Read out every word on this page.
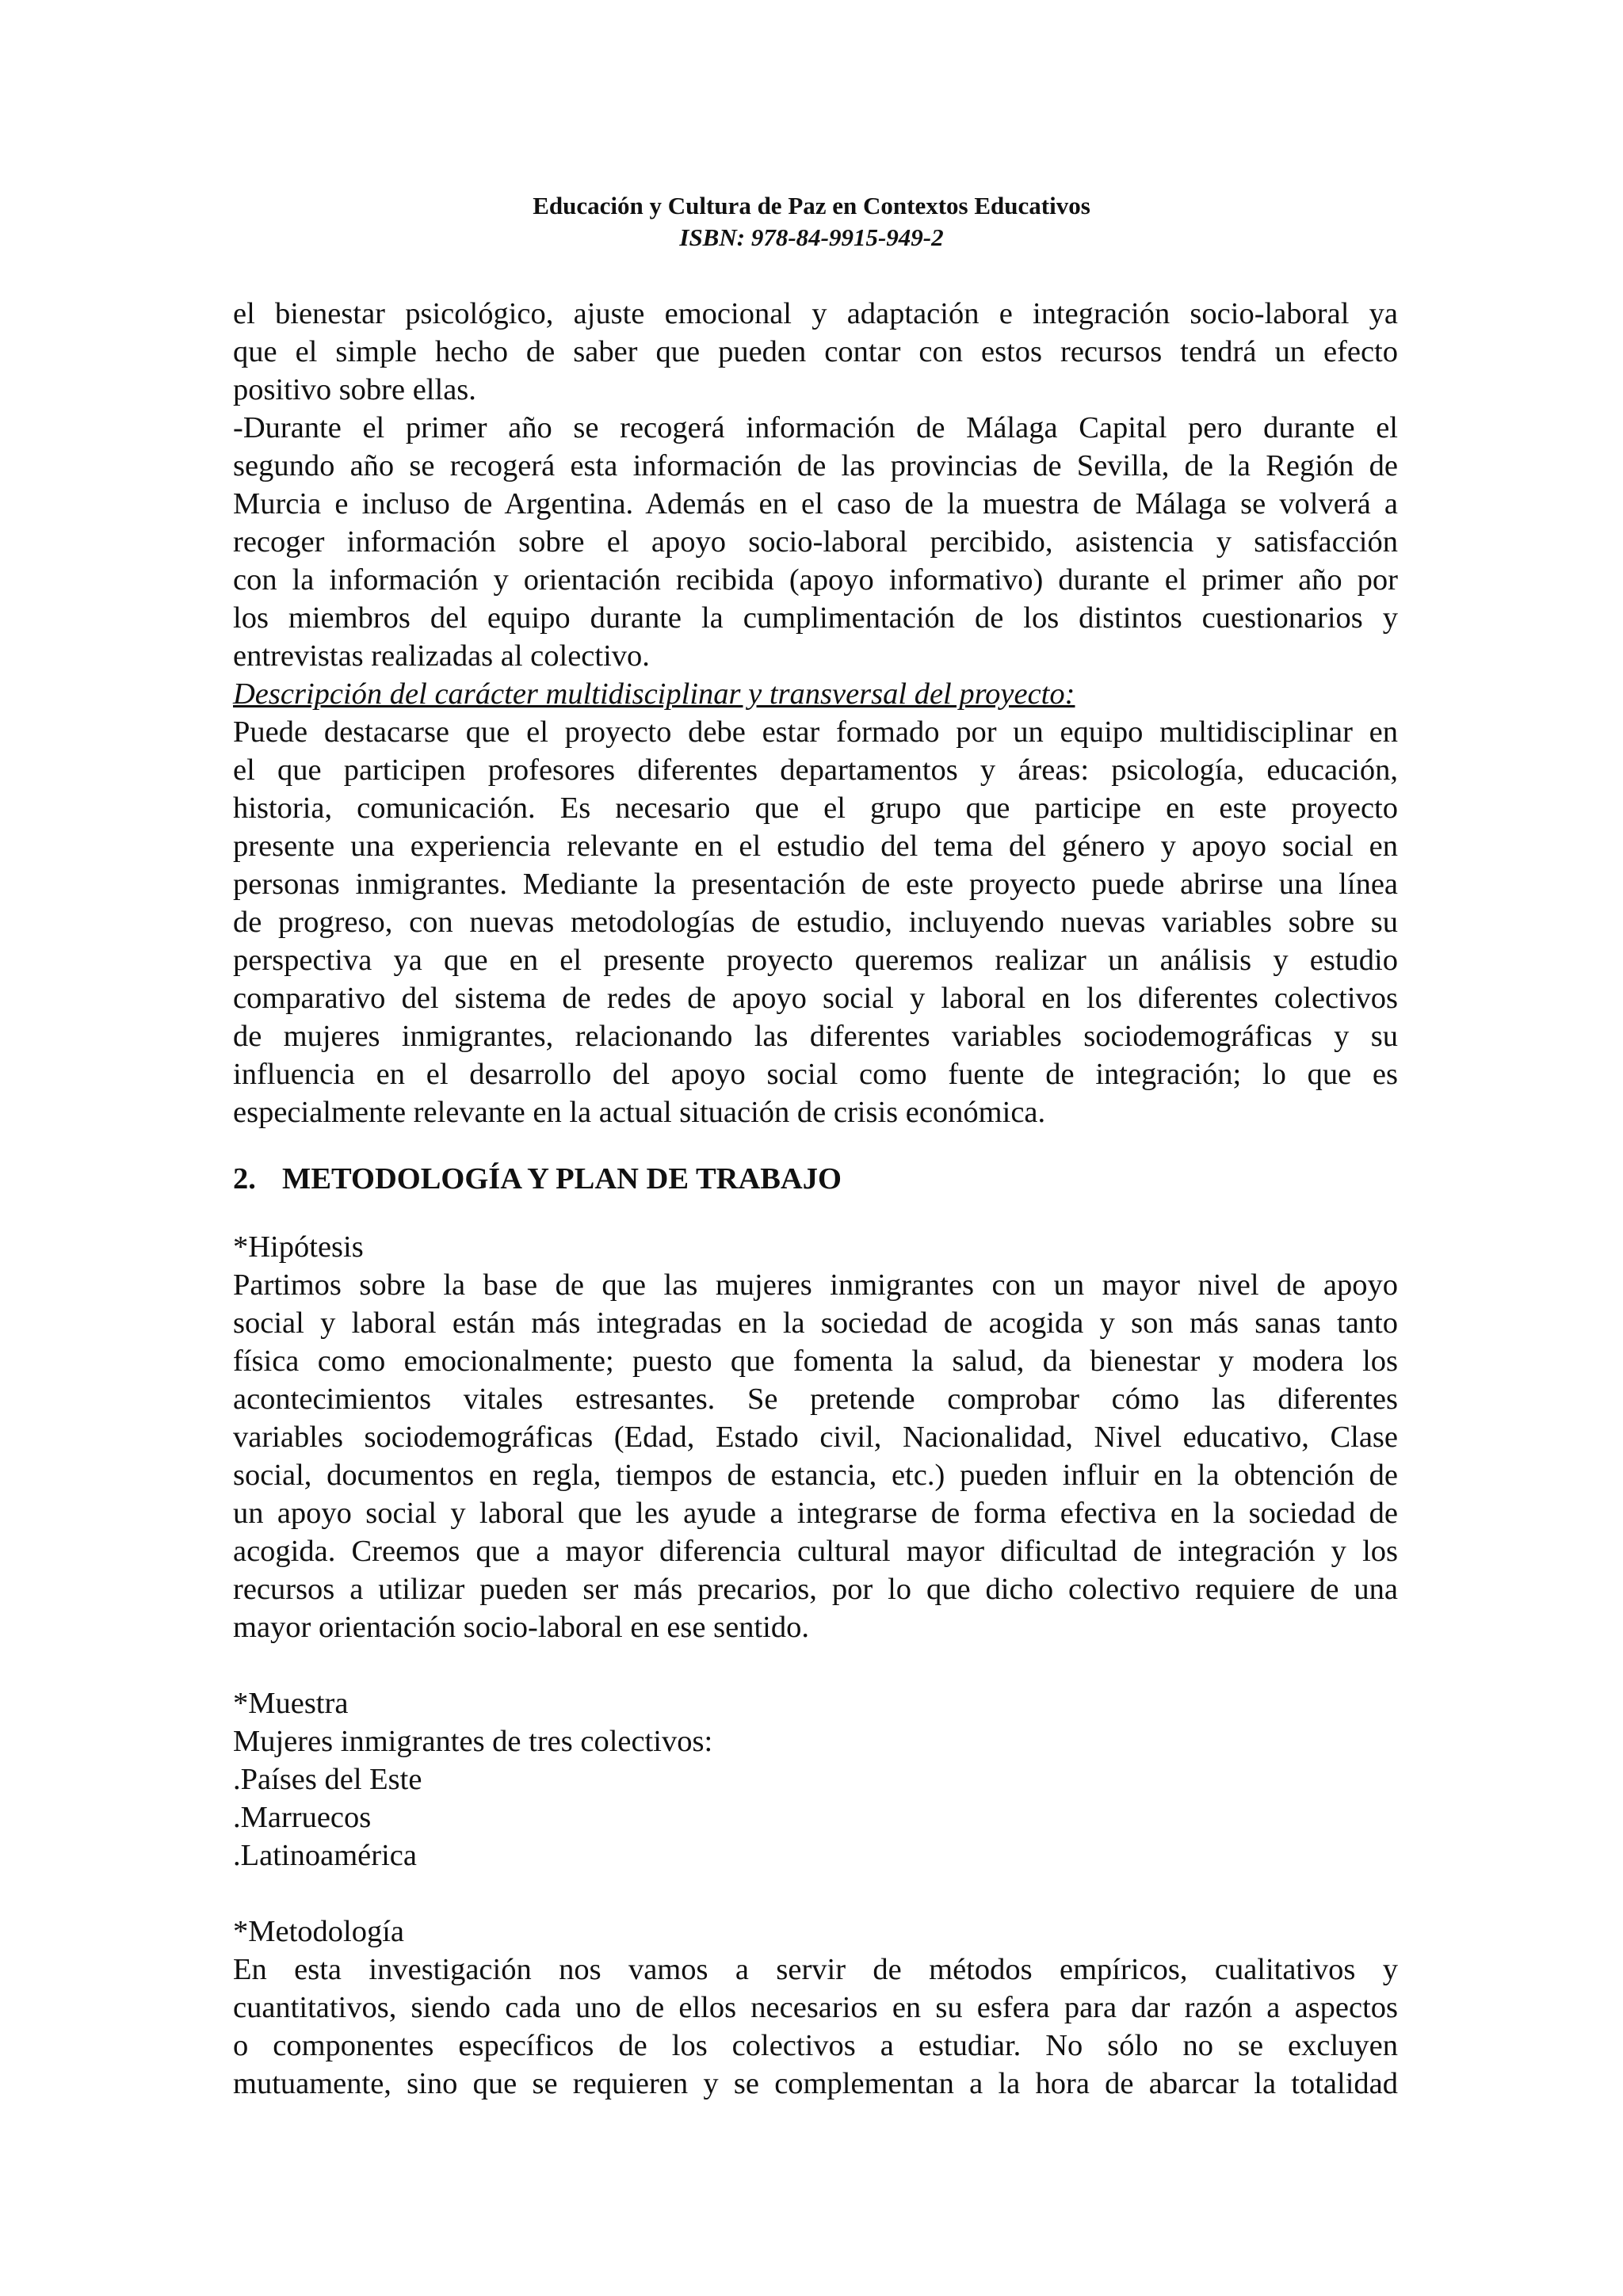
Educación y Cultura de Paz en Contextos Educativos
ISBN: 978-84-9915-949-2
el bienestar psicológico, ajuste emocional y adaptación e integración socio-laboral ya
que el simple hecho de saber que pueden contar con estos recursos tendrá un efecto
positivo sobre ellas.
-Durante el primer año se recogerá información de Málaga Capital pero durante el
segundo año se recogerá esta información de las provincias de Sevilla, de la Región de
Murcia e incluso de Argentina. Además en el caso de la muestra de Málaga se volverá a
recoger información sobre el apoyo socio-laboral percibido, asistencia y satisfacción
con la información y orientación recibida (apoyo informativo) durante el primer año por
los miembros del equipo durante la cumplimentación de los distintos cuestionarios y
entrevistas realizadas al colectivo.
Descripción del carácter multidisciplinar y transversal del proyecto:
Puede destacarse que el proyecto debe estar formado por un equipo multidisciplinar en
el que participen profesores diferentes departamentos y áreas: psicología, educación,
historia, comunicación. Es necesario que el grupo que participe en este proyecto
presente una experiencia relevante en el estudio del tema del género y apoyo social en
personas inmigrantes. Mediante la presentación de este proyecto puede abrirse una línea
de progreso, con nuevas metodologías de estudio, incluyendo nuevas variables sobre su
perspectiva ya que en el presente proyecto queremos realizar un análisis y estudio
comparativo del sistema de redes de apoyo social y laboral en los diferentes colectivos
de mujeres inmigrantes, relacionando las diferentes variables sociodemográficas y su
influencia en el desarrollo del apoyo social como fuente de integración; lo que es
especialmente relevante en la actual situación de crisis económica.
2. METODOLOGÍA Y PLAN DE TRABAJO
*Hipótesis
Partimos sobre la base de que las mujeres inmigrantes con un mayor nivel de apoyo
social y laboral están más integradas en la sociedad de acogida y son más sanas tanto
física como emocionalmente; puesto que fomenta la salud, da bienestar y modera los
acontecimientos vitales estresantes. Se pretende comprobar cómo las diferentes
variables sociodemográficas (Edad, Estado civil, Nacionalidad, Nivel educativo, Clase
social, documentos en regla, tiempos de estancia, etc.) pueden influir en la obtención de
un apoyo social y laboral que les ayude a integrarse de forma efectiva en la sociedad de
acogida. Creemos que a mayor diferencia cultural mayor dificultad de integración y los
recursos a utilizar pueden ser más precarios, por lo que dicho colectivo requiere de una
mayor orientación socio-laboral en ese sentido.
*Muestra
Mujeres inmigrantes de tres colectivos:
.Países del Este
.Marruecos
.Latinoamérica
*Metodología
En esta investigación nos vamos a servir de métodos empíricos, cualitativos y
cuantitativos, siendo cada uno de ellos necesarios en su esfera para dar razón a aspectos
o componentes específicos de los colectivos a estudiar. No sólo no se excluyen
mutuamente, sino que se requieren y se complementan a la hora de abarcar la totalidad
